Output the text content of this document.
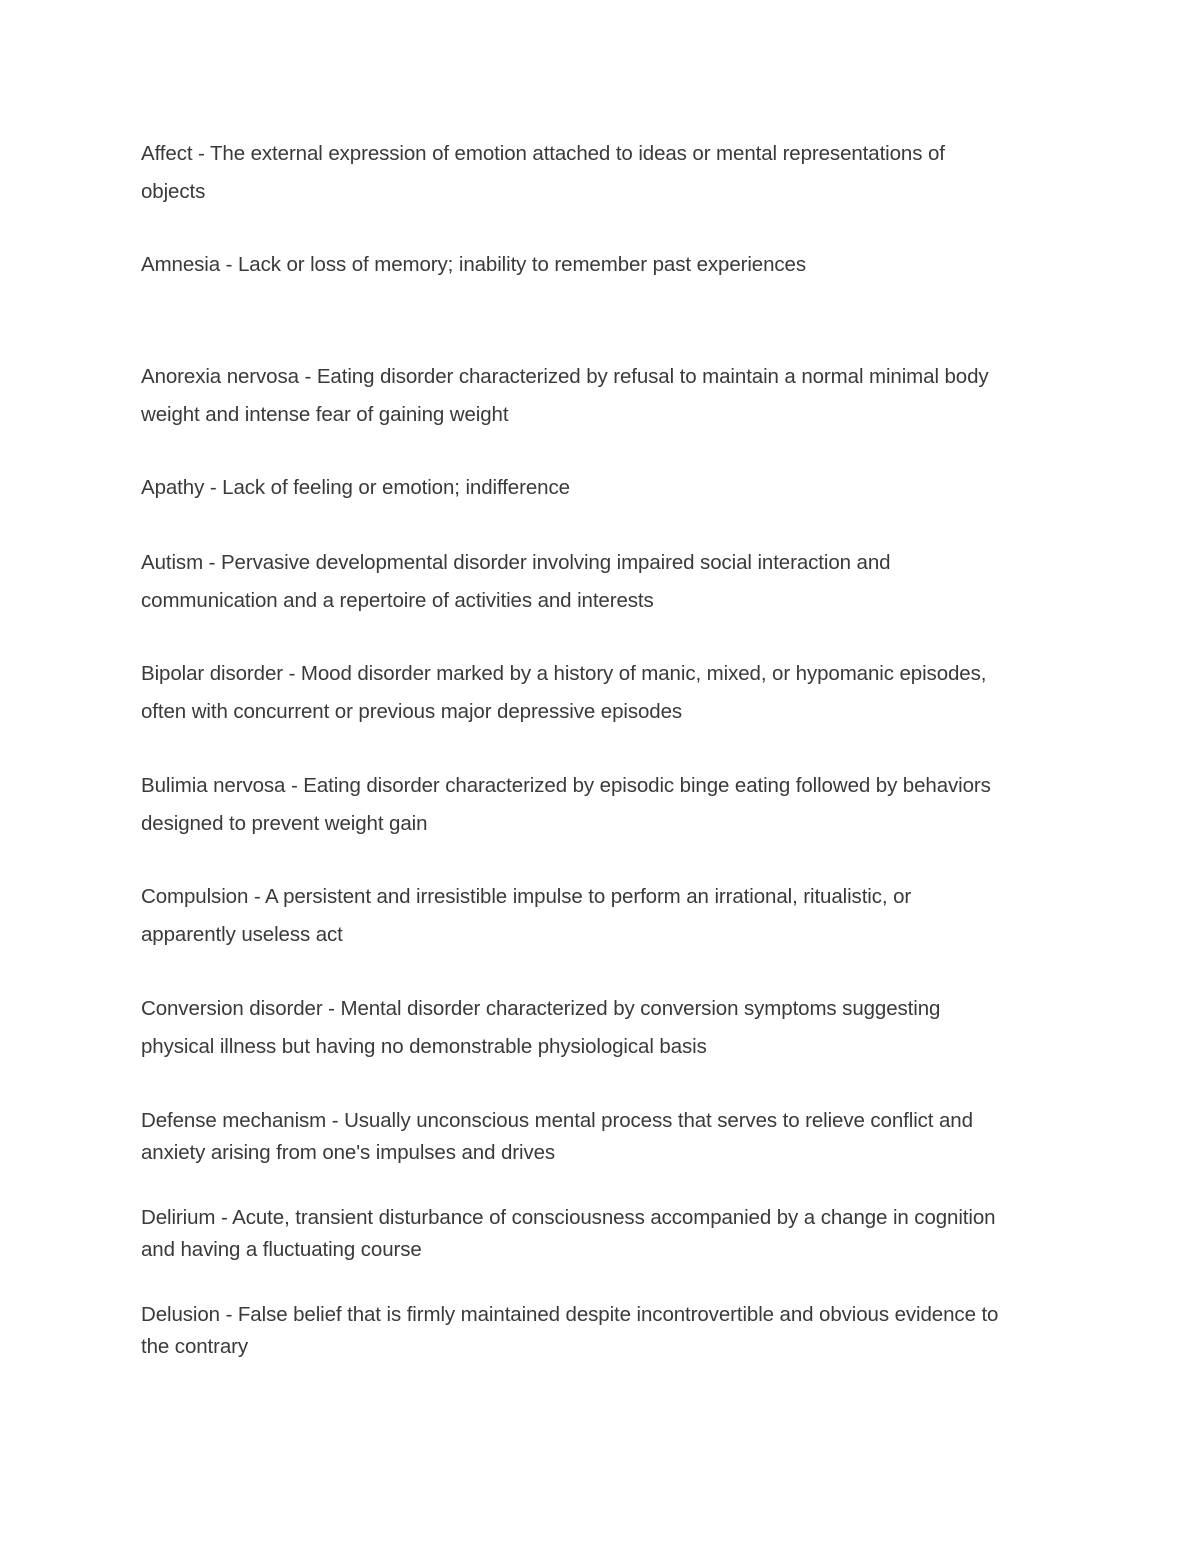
Affect - The external expression of emotion attached to ideas or mental representations of objects

Amnesia - Lack or loss of memory; inability to remember past experiences

Anorexia nervosa - Eating disorder characterized by refusal to maintain a normal minimal body weight and intense fear of gaining weight

Apathy - Lack of feeling or emotion; indifference

Autism - Pervasive developmental disorder involving impaired social interaction and communication and a repertoire of activities and interests

Bipolar disorder - Mood disorder marked by a history of manic, mixed, or hypomanic episodes, often with concurrent or previous major depressive episodes

Bulimia nervosa - Eating disorder characterized by episodic binge eating followed by behaviors designed to prevent weight gain

Compulsion - A persistent and irresistible impulse to perform an irrational, ritualistic, or apparently useless act

Conversion disorder - Mental disorder characterized by conversion symptoms suggesting physical illness but having no demonstrable physiological basis

Defense mechanism - Usually unconscious mental process that serves to relieve conflict and anxiety arising from one's impulses and drives

Delirium - Acute, transient disturbance of consciousness accompanied by a change in cognition and having a fluctuating course

Delusion - False belief that is firmly maintained despite incontrovertible and obvious evidence to the contrary
